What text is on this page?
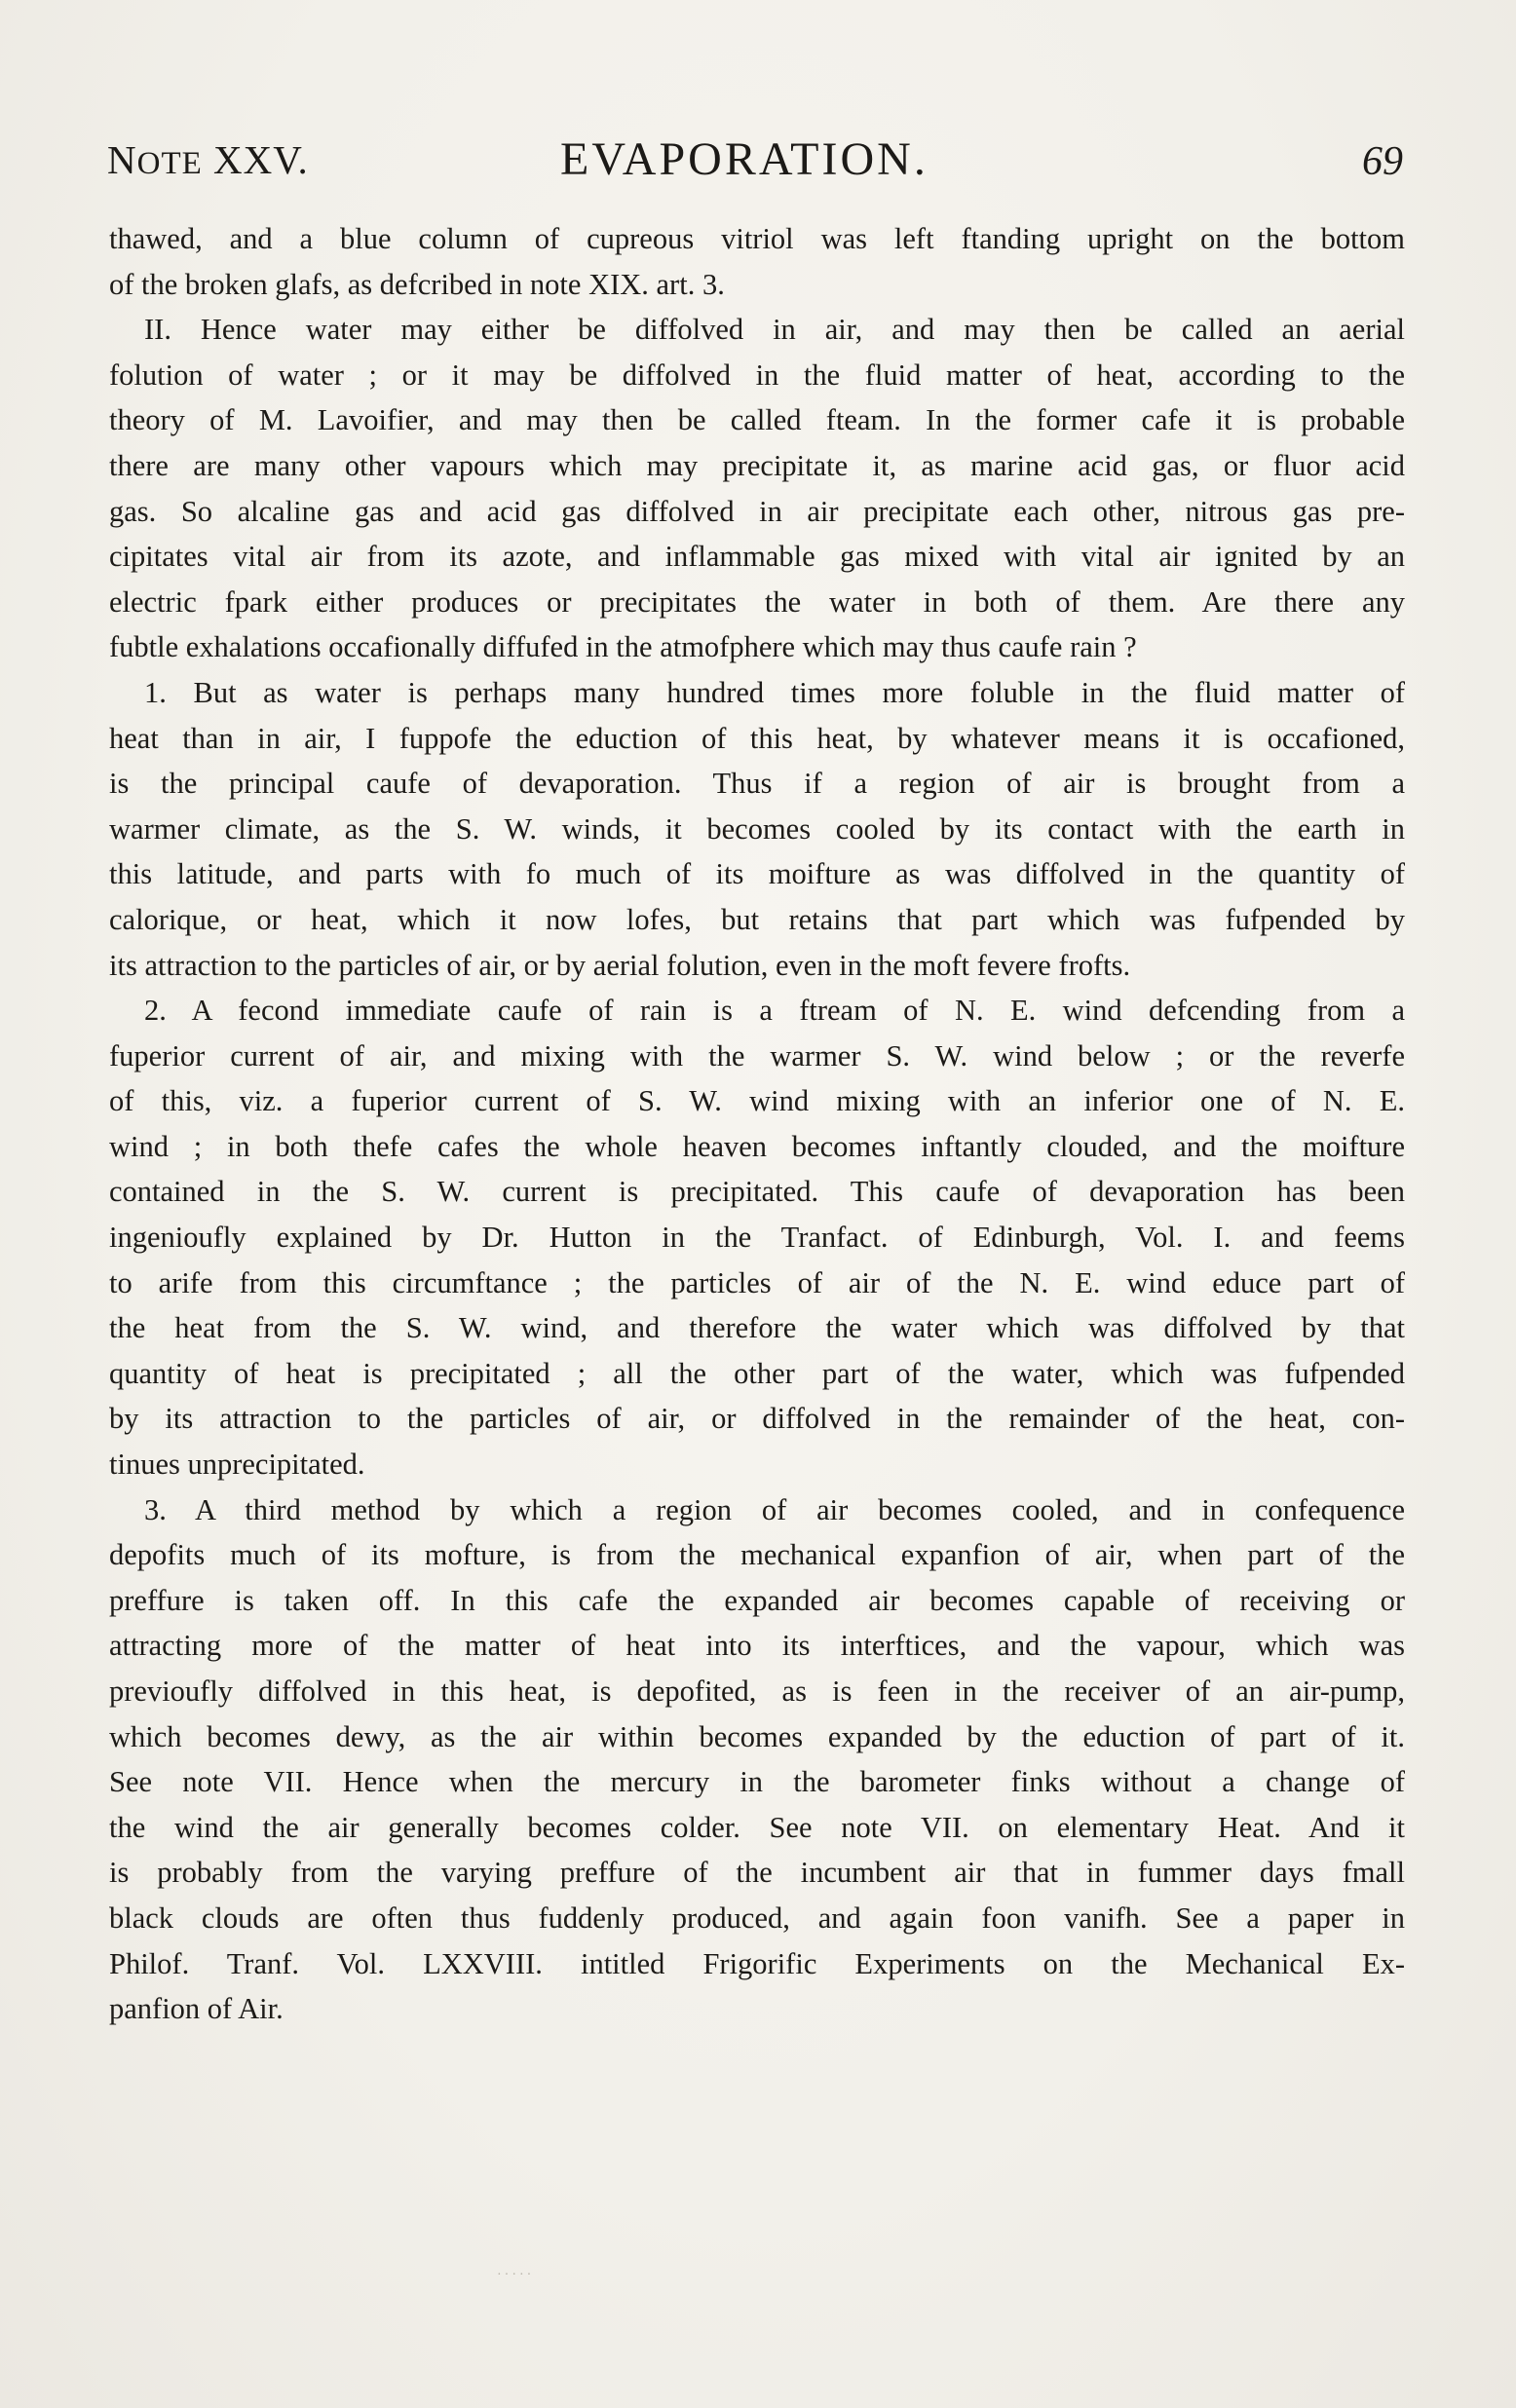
NOTE XXV.	EVAPORATION.	69
thawed, and a blue column of cupreous vitriol was left ftanding upright on the bottom
of the broken glafs, as defcribed in note XIX. art. 3.
II. Hence water may either be diffolved in air, and may then be called an aerial
folution of water ; or it may be diffolved in the fluid matter of heat, according to the
theory of M. Lavoifier, and may then be called fteam. In the former cafe it is probable
there are many other vapours which may precipitate it, as marine acid gas, or fluor acid
gas. So alcaline gas and acid gas diffolved in air precipitate each other, nitrous gas pre-
cipitates vital air from its azote, and inflammable gas mixed with vital air ignited by an
electric fpark either produces or precipitates the water in both of them. Are there any
fubtle exhalations occafionally diffufed in the atmofphere which may thus caufe rain ?
1. But as water is perhaps many hundred times more foluble in the fluid matter of
heat than in air, I fuppofe the eduction of this heat, by whatever means it is occafioned,
is the principal caufe of devaporation. Thus if a region of air is brought from a
warmer climate, as the S. W. winds, it becomes cooled by its contact with the earth in
this latitude, and parts with fo much of its moifture as was diffolved in the quantity of
calorique, or heat, which it now lofes, but retains that part which was fufpended by
its attraction to the particles of air, or by aerial folution, even in the moft fevere frofts.
2. A fecond immediate caufe of rain is a ftream of N. E. wind defcending from a
fuperior current of air, and mixing with the warmer S. W. wind below ; or the reverfe
of this, viz. a fuperior current of S. W. wind mixing with an inferior one of N. E.
wind ; in both thefe cafes the whole heaven becomes inftantly clouded, and the moifture
contained in the S. W. current is precipitated. This caufe of devaporation has been
ingenioufly explained by Dr. Hutton in the Tranfact. of Edinburgh, Vol. I. and feems
to arife from this circumftance ; the particles of air of the N. E. wind educe part of
the heat from the S. W. wind, and therefore the water which was diffolved by that
quantity of heat is precipitated ; all the other part of the water, which was fufpended
by its attraction to the particles of air, or diffolved in the remainder of the heat, con-
tinues unprecipitated.
3. A third method by which a region of air becomes cooled, and in confequence
depofits much of its mofture, is from the mechanical expanfion of air, when part of the
preffure is taken off. In this cafe the expanded air becomes capable of receiving or
attracting more of the matter of heat into its interftices, and the vapour, which was
previoufly diffolved in this heat, is depofited, as is feen in the receiver of an air-pump,
which becomes dewy, as the air within becomes expanded by the eduction of part of it.
See note VII. Hence when the mercury in the barometer finks without a change of
the wind the air generally becomes colder. See note VII. on elementary Heat. And it
is probably from the varying preffure of the incumbent air that in fummer days fmall
black clouds are often thus fuddenly produced, and again foon vanifh. See a paper in
Philof. Tranf. Vol. LXXVIII. intitled Frigorific Experiments on the Mechanical Ex-
panfion of Air.
·····
